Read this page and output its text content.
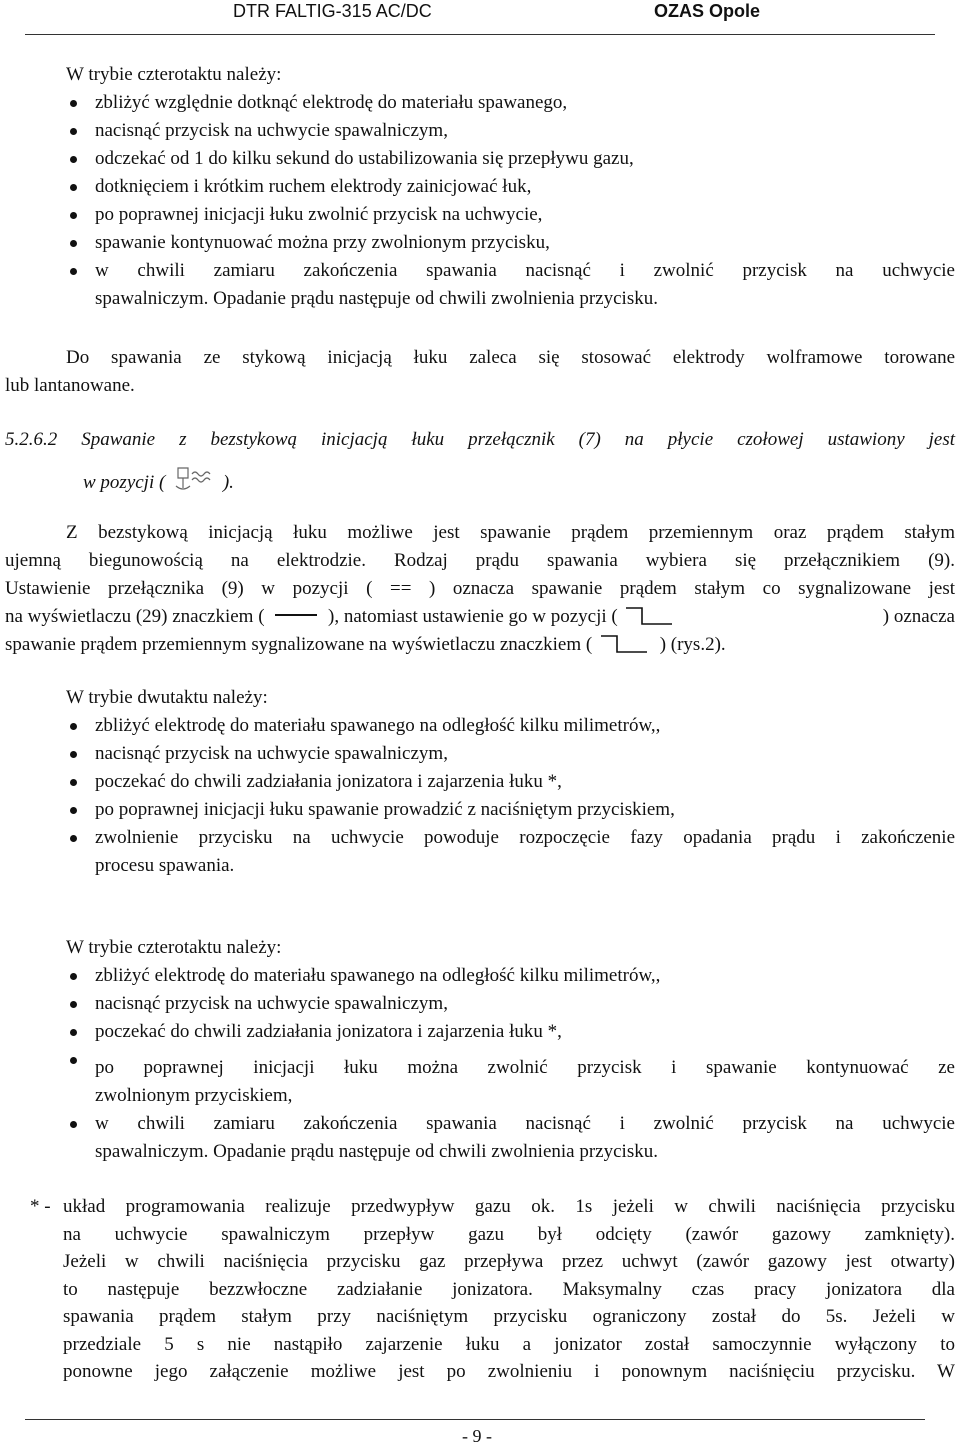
DTR FALTIG-315 AC/DC	OZAS Opole
W trybie czterotaktu należy:
zbliżyć względnie dotknąć elektrodę do materiału spawanego,
nacisnąć przycisk na uchwycie spawalniczym,
odczekać od 1 do kilku sekund do ustabilizowania się przepływu gazu,
dotknięciem i krótkim ruchem elektrody zainicjować łuk,
po poprawnej inicjacji łuku zwolnić przycisk na uchwycie,
spawanie kontynuować można przy zwolnionym przycisku,
w chwili zamiaru zakończenia spawania nacisnąć i zwolnić przycisk na uchwycie
spawalniczym. Opadanie prądu następuje od chwili zwolnienia przycisku.
Do spawania ze stykową inicjacją łuku zaleca się stosować elektrody wolframowe torowane
lub lantanowane.
5.2.6.2 Spawanie z bezstykową inicjacją łuku przełącznik (7) na płycie czołowej ustawiony jest
w pozycji (	).
Z bezstykową inicjacją łuku możliwe jest spawanie prądem przemiennym oraz prądem stałym
ujemną biegunowością na elektrodzie. Rodzaj prądu spawania wybiera się przełącznikiem (9).
Ustawienie przełącznika (9) w pozycji ( == ) oznacza spawanie prądem stałym co sygnalizowane jest
na wyświetlaczu (29) znaczkiem (	), natomiast ustawienie go w pozycji (	) oznacza
spawanie prądem przemiennym sygnalizowane na wyświetlaczu znaczkiem (	) (rys.2).
W trybie dwutaktu należy:
zbliżyć elektrodę do materiału spawanego na odległość kilku milimetrów,,
nacisnąć przycisk na uchwycie spawalniczym,
poczekać do chwili zadziałania jonizatora i zajarzenia łuku *,
po poprawnej inicjacji łuku spawanie prowadzić z naciśniętym przyciskiem,
zwolnienie przycisku na uchwycie powoduje rozpoczęcie fazy opadania prądu i zakończenie
procesu spawania.
W trybie czterotaktu należy:
zbliżyć elektrodę do materiału spawanego na odległość kilku milimetrów,,
nacisnąć przycisk na uchwycie spawalniczym,
poczekać do chwili zadziałania jonizatora i zajarzenia łuku *,
po poprawnej inicjacji łuku można zwolnić przycisk i spawanie kontynuować ze
zwolnionym przyciskiem,
w chwili zamiaru zakończenia spawania nacisnąć i zwolnić przycisk na uchwycie
spawalniczym. Opadanie prądu następuje od chwili zwolnienia przycisku.
* - układ programowania realizuje przedwypływ gazu ok. 1s jeżeli w chwili naciśnięcia przycisku
na uchwycie spawalniczym przepływ gazu był odcięty (zawór gazowy zamknięty).
Jeżeli w chwili naciśnięcia przycisku gaz przepływa przez uchwyt (zawór gazowy jest otwarty)
to następuje bezzwłoczne zadziałanie jonizatora. Maksymalny czas pracy jonizatora dla
spawania prądem stałym przy naciśniętym przycisku ograniczony został do 5s. Jeżeli w
przedziale 5 s nie nastąpiło zajarzenie łuku a jonizator został samoczynnie wyłączony to
ponowne jego załączenie możliwe jest po zwolnieniu i ponownym naciśnięciu przycisku. W
- 9 -
